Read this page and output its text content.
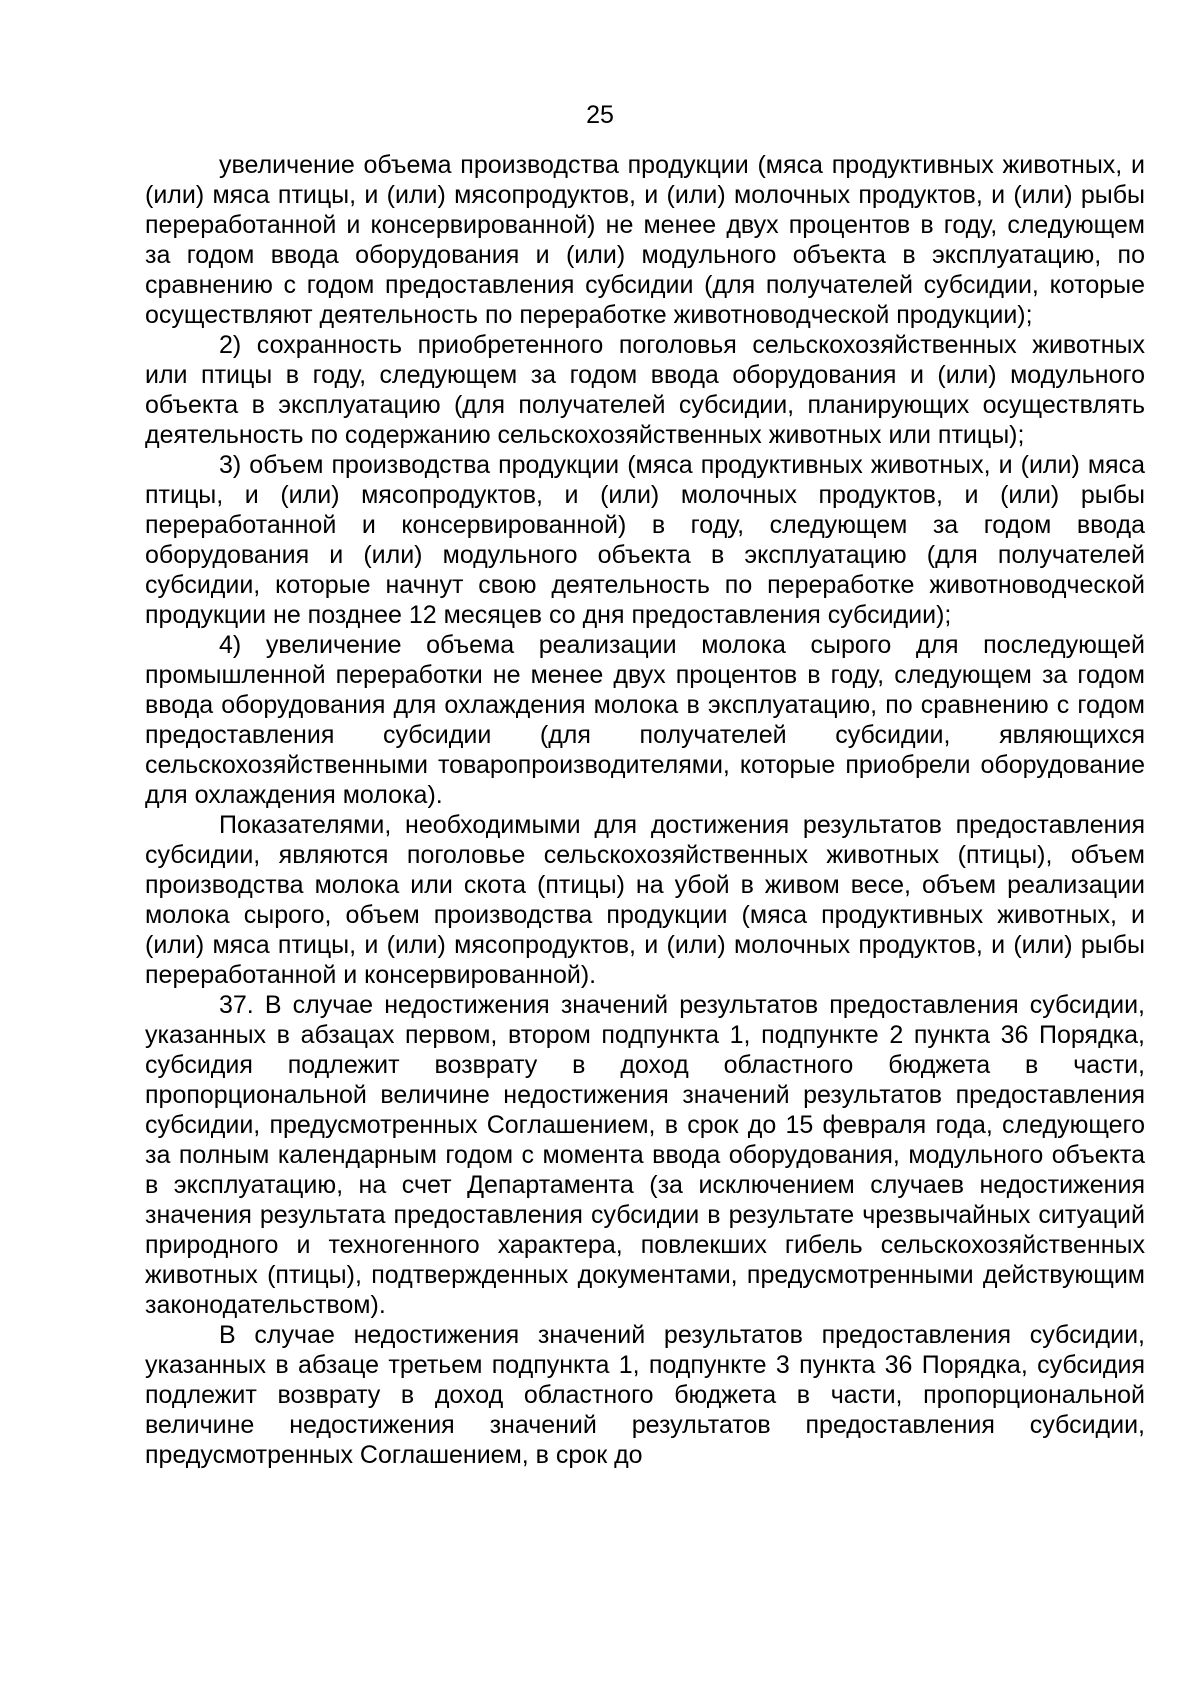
25

увеличение объема производства продукции (мяса продуктивных животных, и (или) мяса птицы, и (или) мясопродуктов, и (или) молочных продуктов, и (или) рыбы переработанной и консервированной) не менее двух процентов в году, следующем за годом ввода оборудования и (или) модульного объекта в эксплуатацию, по сравнению с годом предоставления субсидии (для получателей субсидии, которые осуществляют деятельность по переработке животноводческой продукции);

2) сохранность приобретенного поголовья сельскохозяйственных животных или птицы в году, следующем за годом ввода оборудования и (или) модульного объекта в эксплуатацию (для получателей субсидии, планирующих осуществлять деятельность по содержанию сельскохозяйственных животных или птицы);

3) объем производства продукции (мяса продуктивных животных, и (или) мяса птицы, и (или) мясопродуктов, и (или) молочных продуктов, и (или) рыбы переработанной и консервированной) в году, следующем за годом ввода оборудования и (или) модульного объекта в эксплуатацию (для получателей субсидии, которые начнут свою деятельность по переработке животноводческой продукции не позднее 12 месяцев со дня предоставления субсидии);

4) увеличение объема реализации молока сырого для последующей промышленной переработки не менее двух процентов в году, следующем за годом ввода оборудования для охлаждения молока в эксплуатацию, по сравнению с годом предоставления субсидии (для получателей субсидии, являющихся сельскохозяйственными товаропроизводителями, которые приобрели оборудование для охлаждения молока).

Показателями, необходимыми для достижения результатов предоставления субсидии, являются поголовье сельскохозяйственных животных (птицы), объем производства молока или скота (птицы) на убой в живом весе, объем реализации молока сырого, объем производства продукции (мяса продуктивных животных, и (или) мяса птицы, и (или) мясопродуктов, и (или) молочных продуктов, и (или) рыбы переработанной и консервированной).

37. В случае недостижения значений результатов предоставления субсидии, указанных в абзацах первом, втором подпункта 1, подпункте 2 пункта 36 Порядка, субсидия подлежит возврату в доход областного бюджета в части, пропорциональной величине недостижения значений результатов предоставления субсидии, предусмотренных Соглашением, в срок до 15 февраля года, следующего за полным календарным годом с момента ввода оборудования, модульного объекта в эксплуатацию, на счет Департамента (за исключением случаев недостижения значения результата предоставления субсидии в результате чрезвычайных ситуаций природного и техногенного характера, повлекших гибель сельскохозяйственных животных (птицы), подтвержденных документами, предусмотренными действующим законодательством).

В случае недостижения значений результатов предоставления субсидии, указанных в абзаце третьем подпункта 1, подпункте 3 пункта 36 Порядка, субсидия подлежит возврату в доход областного бюджета в части, пропорциональной величине недостижения значений результатов предоставления субсидии, предусмотренных Соглашением, в срок до
